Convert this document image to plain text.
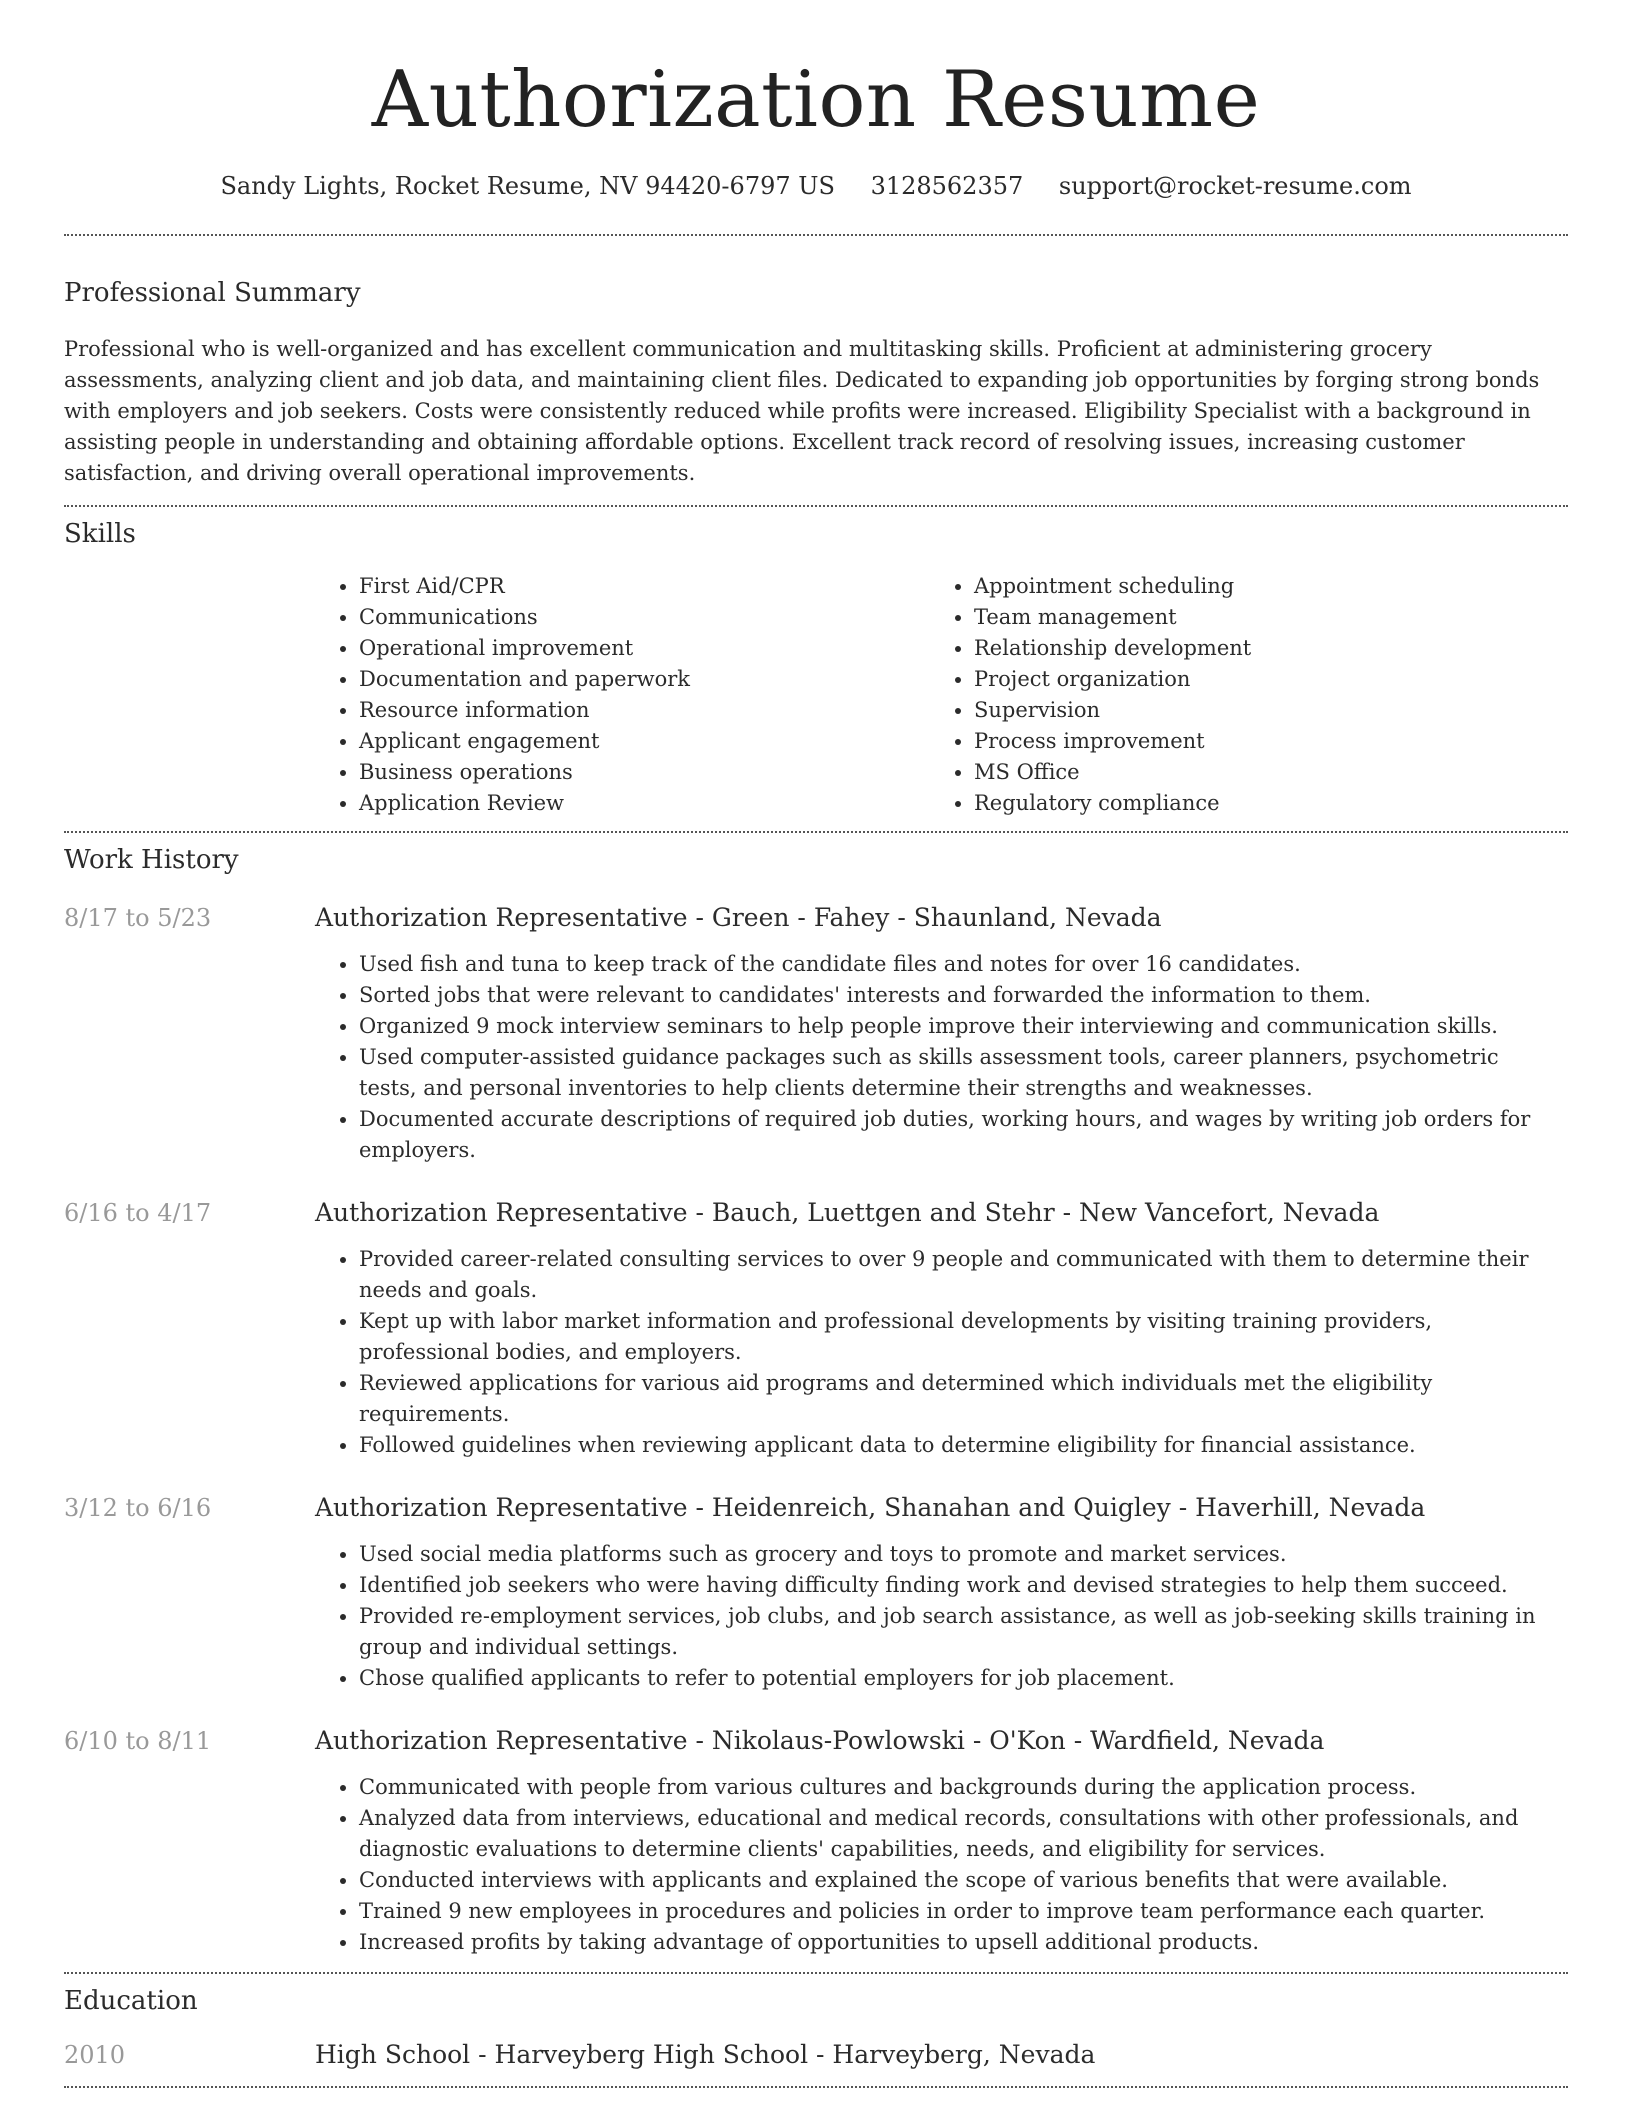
Authorization Resume
Sandy Lights, Rocket Resume, NV 94420-6797 US 3128562357 support@rocket-resume.com
Professional Summary

Professional who is well-organized and has excellent communication and multitasking skills. Proficient at administering grocery assessments, analyzing client and job data, and maintaining client files. Dedicated to expanding job opportunities by forging strong bonds with employers and job seekers. Costs were consistently reduced while profits were increased. Eligibility Specialist with a background in assisting people in understanding and obtaining affordable options. Excellent track record of resolving issues, increasing customer satisfaction, and driving overall operational improvements.

Skills
• First Aid/CPR
• Communications
• Operational improvement
• Documentation and paperwork
• Resource information
• Applicant engagement
• Business operations
• Application Review
• Appointment scheduling
• Team management
• Relationship development
• Project organization
• Supervision
• Process improvement
• MS Office
• Regulatory compliance
Work History
8/17 to 5/23	Authorization Representative - Green - Fahey - Shaunland, Nevada
• Used fish and tuna to keep track of the candidate files and notes for over 16 candidates.
• Sorted jobs that were relevant to candidates' interests and forwarded the information to them.
• Organized 9 mock interview seminars to help people improve their interviewing and communication skills.
• Used computer-assisted guidance packages such as skills assessment tools, career planners, psychometric tests, and personal inventories to help clients determine their strengths and weaknesses.
• Documented accurate descriptions of required job duties, working hours, and wages by writing job orders for employers.
6/16 to 4/17	Authorization Representative - Bauch, Luettgen and Stehr - New Vancefort, Nevada
• Provided career-related consulting services to over 9 people and communicated with them to determine their needs and goals.
• Kept up with labor market information and professional developments by visiting training providers, professional bodies, and employers.
• Reviewed applications for various aid programs and determined which individuals met the eligibility requirements.
• Followed guidelines when reviewing applicant data to determine eligibility for financial assistance.
3/12 to 6/16	Authorization Representative - Heidenreich, Shanahan and Quigley - Haverhill, Nevada
• Used social media platforms such as grocery and toys to promote and market services.
• Identified job seekers who were having difficulty finding work and devised strategies to help them succeed.
• Provided re-employment services, job clubs, and job search assistance, as well as job-seeking skills training in group and individual settings.
• Chose qualified applicants to refer to potential employers for job placement.
6/10 to 8/11	Authorization Representative - Nikolaus-Powlowski - O'Kon - Wardfield, Nevada
• Communicated with people from various cultures and backgrounds during the application process.
• Analyzed data from interviews, educational and medical records, consultations with other professionals, and diagnostic evaluations to determine clients' capabilities, needs, and eligibility for services.
• Conducted interviews with applicants and explained the scope of various benefits that were available.
• Trained 9 new employees in procedures and policies in order to improve team performance each quarter.
• Increased profits by taking advantage of opportunities to upsell additional products.
Education
2010	High School - Harveyberg High School - Harveyberg, Nevada
